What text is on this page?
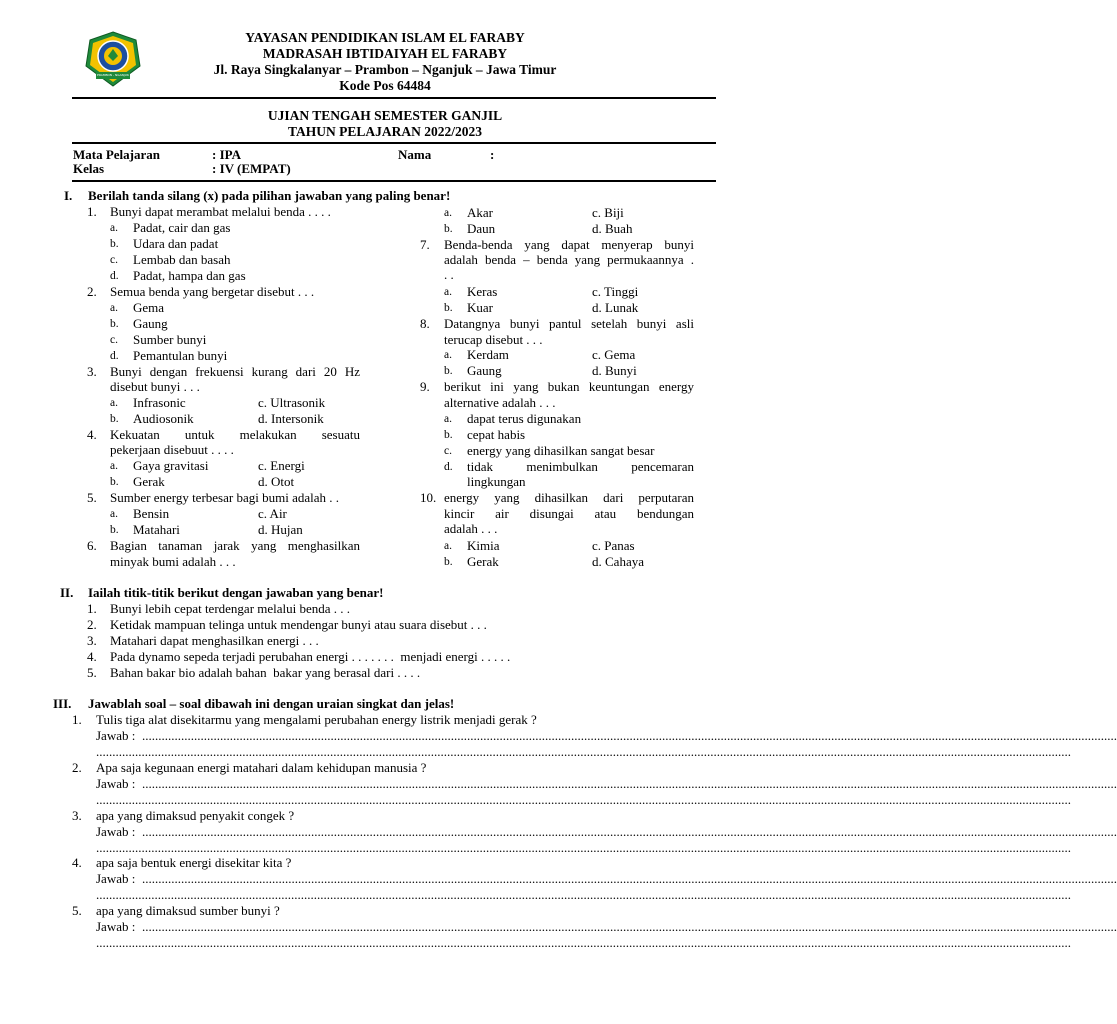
PRAMBON - NGANJUK
YAYASAN PENDIDIKAN ISLAM EL FARABY
MADRASAH IBTIDAIYAH EL FARABY
Jl. Raya Singkalanyar – Prambon – Nganjuk – Jawa Timur
Kode Pos 64484
UJIAN TENGAH SEMESTER GANJIL
TAHUN PELAJARAN 2022/2023
Mata Pelajaran	: IPA	Nama	:
Kelas	: IV (EMPAT)
I. Berilah tanda silang (x) pada pilihan jawaban yang paling benar!
1. Bunyi dapat merambat melalui benda . . . .
a. Padat, cair dan gas
b. Udara dan padat
c. Lembab dan basah
d. Padat, hampa dan gas
2. Semua benda yang bergetar disebut . . .
a. Gema
b. Gaung
c. Sumber bunyi
d. Pemantulan bunyi
3. Bunyi dengan frekuensi kurang dari 20 Hz
disebut bunyi . . .
a. Infrasonic	c. Ultrasonik
b. Audiosonik	d. Intersonik
4. Kekuatan untuk melakukan sesuatu
pekerjaan disebuut . . . .
a. Gaya gravitasi	c. Energi
b. Gerak	d. Otot
5. Sumber energy terbesar bagi bumi adalah . .
a. Bensin	c. Air
b. Matahari	d. Hujan
6. Bagian tanaman jarak yang menghasilkan
minyak bumi adalah . . .
a. Akar	c. Biji
b. Daun	d. Buah
7. Benda-benda yang dapat menyerap bunyi
adalah benda – benda yang permukaannya .
. .
a. Keras	c. Tinggi
b. Kuar	d. Lunak
8. Datangnya bunyi pantul setelah bunyi asli
terucap disebut . . .
a. Kerdam	c. Gema
b. Gaung	d. Bunyi
9. berikut ini yang bukan keuntungan energy
alternative adalah . . .
a. dapat terus digunakan
b. cepat habis
c. energy yang dihasilkan sangat besar
d. tidak menimbulkan pencemaran
lingkungan
10. energy yang dihasilkan dari perputaran
kincir air disungai atau bendungan
adalah . . .
a. Kimia	c. Panas
b. Gerak	d. Cahaya
II. Iailah titik-titik berikut dengan jawaban yang benar!
1. Bunyi lebih cepat terdengar melalui benda . . .
2. Ketidak mampuan telinga untuk mendengar bunyi atau suara disebut . . .
3. Matahari dapat menghasilkan energi . . .
4. Pada dynamo sepeda terjadi perubahan energi . . . . . . .  menjadi energi . . . . .
5. Bahan bakar bio adalah bahan  bakar yang berasal dari . . . .
III. Jawablah soal – soal dibawah ini dengan uraian singkat dan jelas!
1. Tulis tiga alat disekitarmu yang mengalami perubahan energy listrik menjadi gerak ?
Jawab : ............................................................................................................................................................................................................................................................................................................
............................................................................................................................................................................................................................................................................................................
2. Apa saja kegunaan energi matahari dalam kehidupan manusia ?
Jawab : ............................................................................................................................................................................................................................................................................................................
............................................................................................................................................................................................................................................................................................................
3. apa yang dimaksud penyakit congek ?
Jawab : ............................................................................................................................................................................................................................................................................................................
............................................................................................................................................................................................................................................................................................................
4. apa saja bentuk energi disekitar kita ?
Jawab : ............................................................................................................................................................................................................................................................................................................
............................................................................................................................................................................................................................................................................................................
5. apa yang dimaksud sumber bunyi ?
Jawab : ............................................................................................................................................................................................................................................................................................................
............................................................................................................................................................................................................................................................................................................
